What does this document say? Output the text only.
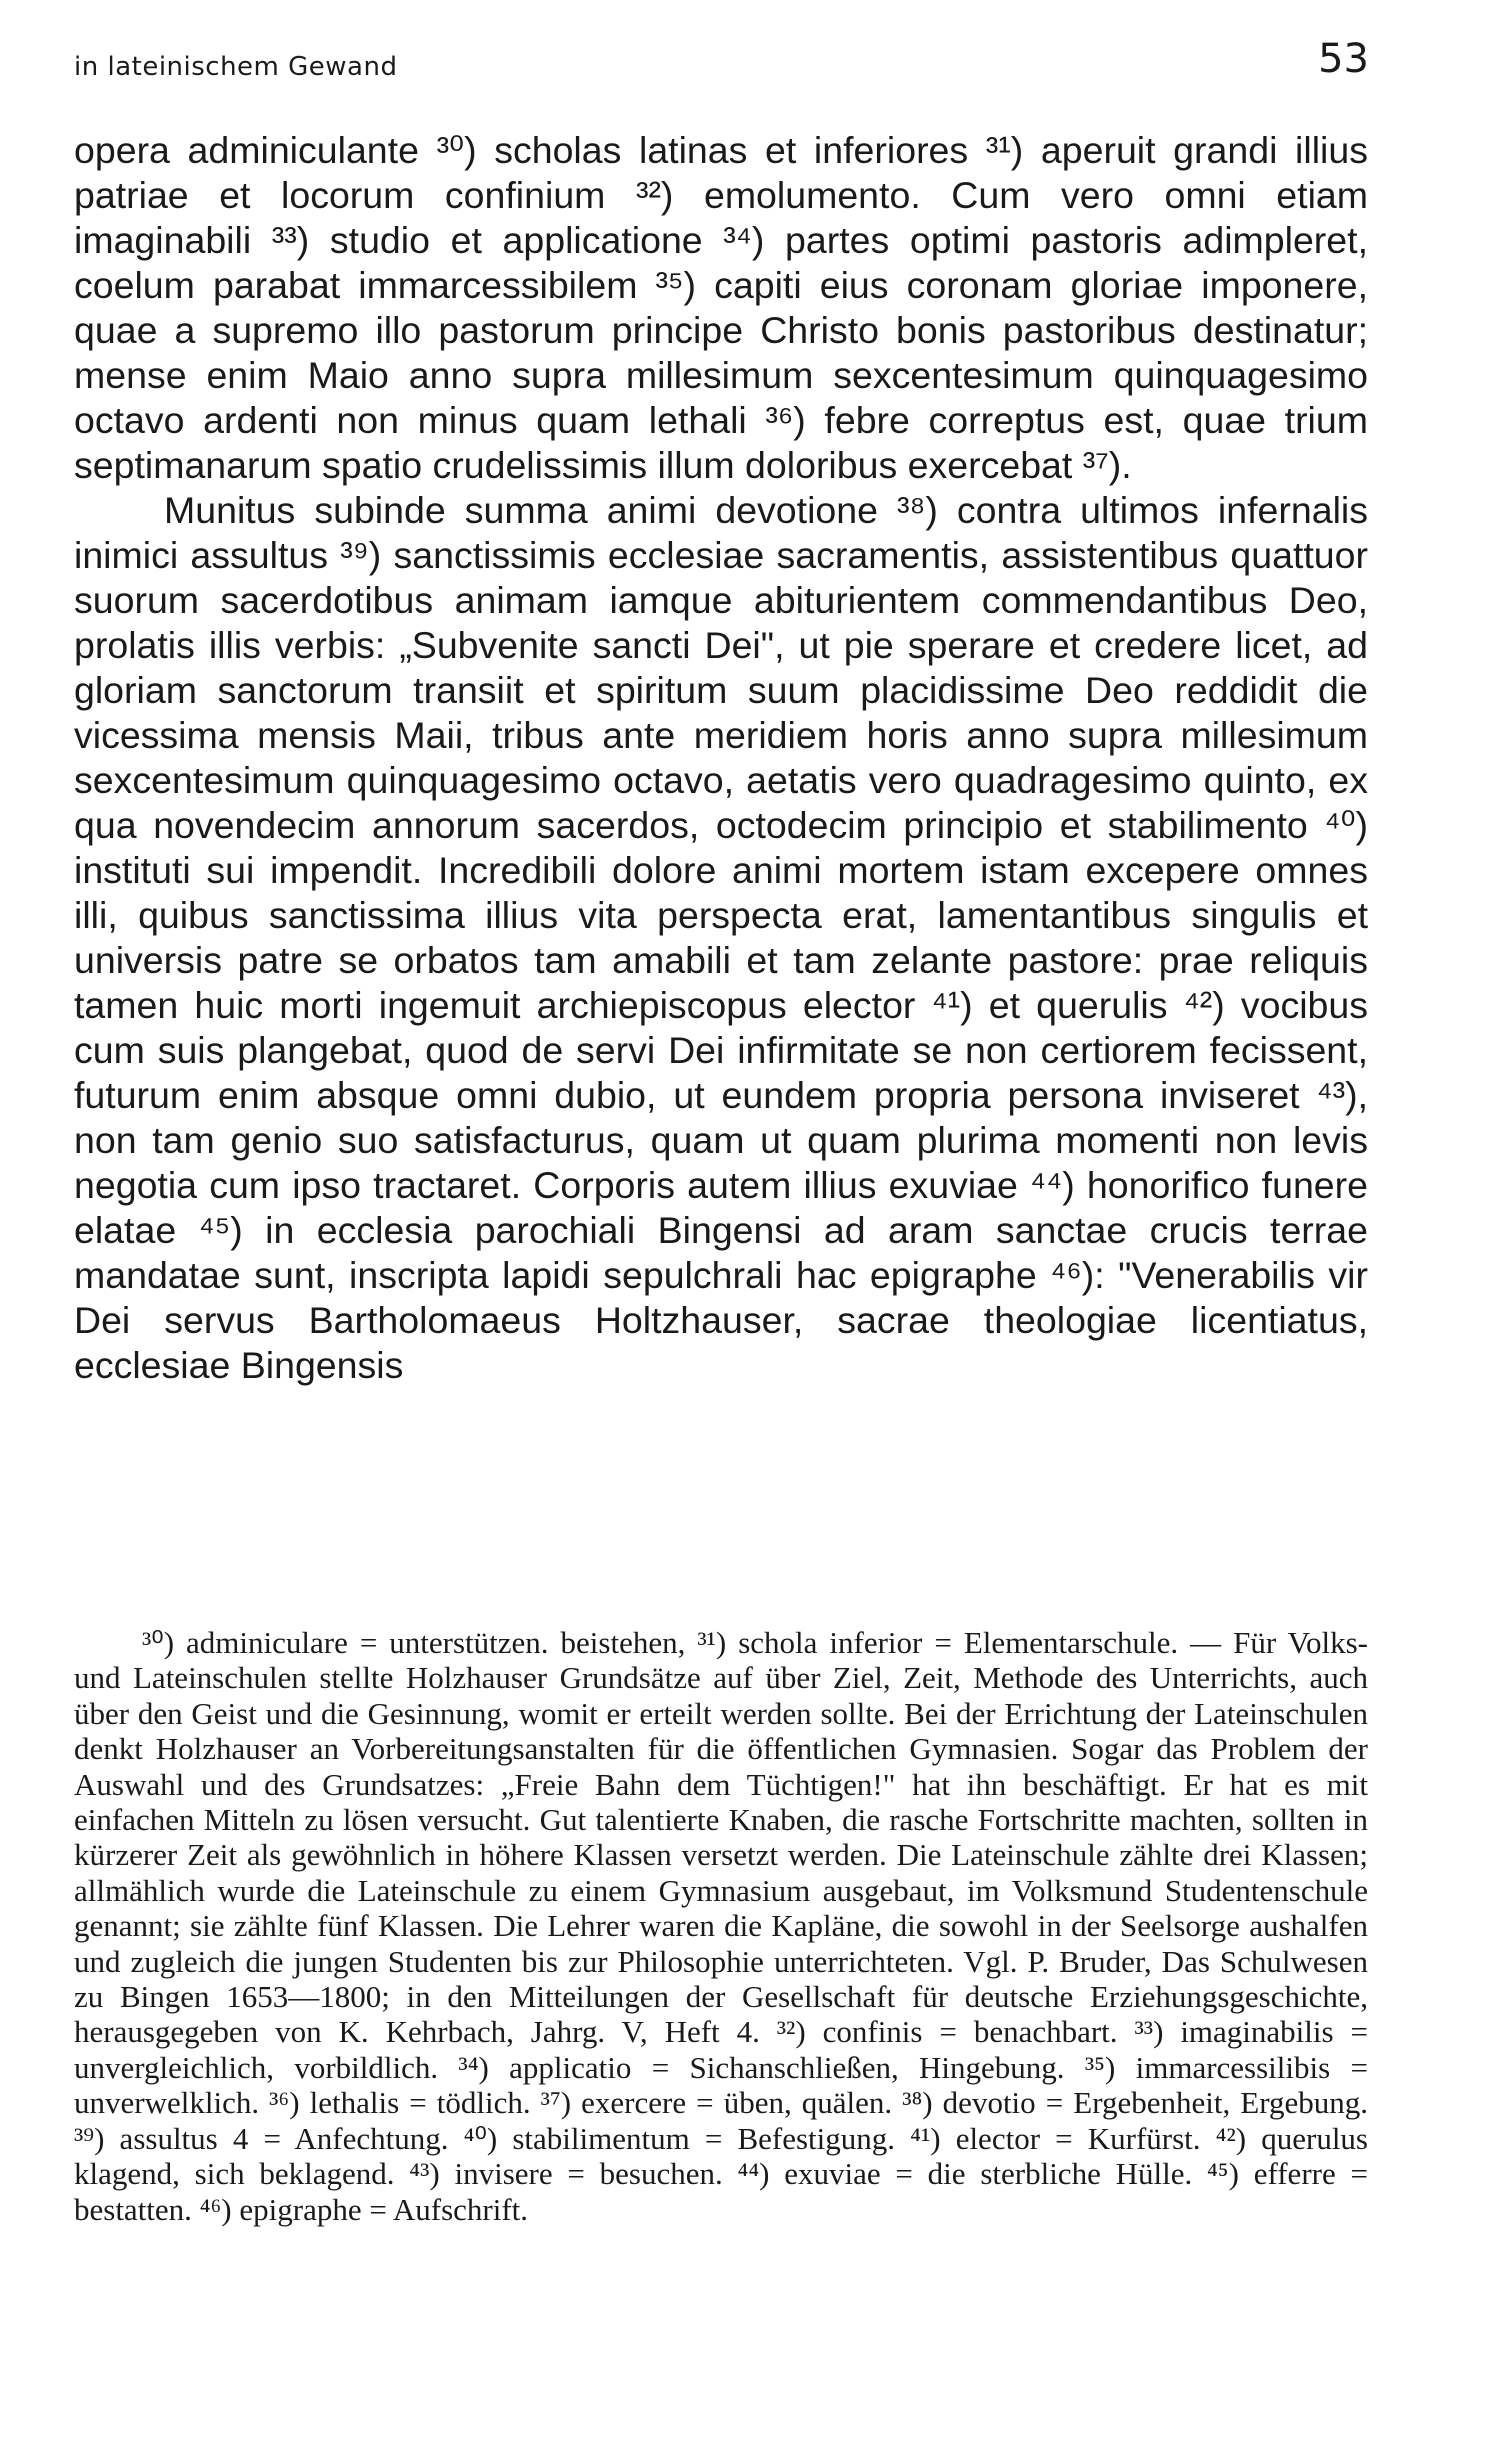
in lateinischem Gewand	53

opera adminiculante ³⁰) scholas latinas et inferiores ³¹) aperuit grandi illius patriae et locorum confinium ³²) emolumento. Cum vero omni etiam imaginabili ³³) studio et applicatione ³⁴) partes optimi pastoris adimpleret, coelum parabat immarcessibilem ³⁵) capiti eius coronam gloriae imponere, quae a supremo illo pastorum principe Christo bonis pastoribus destinatur; mense enim Maio anno supra millesimum sexcentesimum quinquagesimo octavo ardenti non minus quam lethali ³⁶) febre correptus est, quae trium septimanarum spatio crudelissimis illum doloribus exercebat ³⁷).

Munitus subinde summa animi devotione ³⁸) contra ultimos infernalis inimici assultus ³⁹) sanctissimis ecclesiae sacramentis, assistentibus quattuor suorum sacerdotibus animam iamque abiturientem commendantibus Deo, prolatis illis verbis: „Subvenite sancti Dei", ut pie sperare et credere licet, ad gloriam sanctorum transiit et spiritum suum placidissime Deo reddidit die vicessima mensis Maii, tribus ante meridiem horis anno supra millesimum sexcentesimum quinquagesimo octavo, aetatis vero quadragesimo quinto, ex qua novendecim annorum sacerdos, octodecim principio et stabilimento ⁴⁰) instituti sui impendit. Incredibili dolore animi mortem istam excepere omnes illi, quibus sanctissima illius vita perspecta erat, lamentantibus singulis et universis patre se orbatos tam amabili et tam zelante pastore: prae reliquis tamen huic morti ingemuit archiepiscopus elector ⁴¹) et querulis ⁴²) vocibus cum suis plangebat, quod de servi Dei infirmitate se non certiorem fecissent, futurum enim absque omni dubio, ut eundem propria persona inviseret ⁴³), non tam genio suo satisfacturus, quam ut quam plurima momenti non levis negotia cum ipso tractaret. Corporis autem illius exuviae ⁴⁴) honorifico funere elatae ⁴⁵) in ecclesia parochiali Bingensi ad aram sanctae crucis terrae mandatae sunt, inscripta lapidi sepulchrali hac epigraphe ⁴⁶): "Venerabilis vir Dei servus Bartholomaeus Holtzhauser, sacrae theologiae licentiatus, ecclesiae Bingensis

³⁰) adminiculare = unterstützen. beistehen, ³¹) schola inferior = Elementarschule. — Für Volks- und Lateinschulen stellte Holzhauser Grundsätze auf über Ziel, Zeit, Methode des Unterrichts, auch über den Geist und die Gesinnung, womit er erteilt werden sollte. Bei der Errichtung der Lateinschulen denkt Holzhauser an Vorbereitungsanstalten für die öffentlichen Gymnasien. Sogar das Problem der Auswahl und des Grundsatzes: „Freie Bahn dem Tüchtigen!" hat ihn beschäftigt. Er hat es mit einfachen Mitteln zu lösen versucht. Gut talentierte Knaben, die rasche Fortschritte machten, sollten in kürzerer Zeit als gewöhnlich in höhere Klassen versetzt werden. Die Lateinschule zählte drei Klassen; allmählich wurde die Lateinschule zu einem Gymnasium ausgebaut, im Volksmund Studentenschule genannt; sie zählte fünf Klassen. Die Lehrer waren die Kapläne, die sowohl in der Seelsorge aushalfen und zugleich die jungen Studenten bis zur Philosophie unterrichteten. Vgl. P. Bruder, Das Schulwesen zu Bingen 1653—1800; in den Mitteilungen der Gesellschaft für deutsche Erziehungsgeschichte, herausgegeben von K. Kehrbach, Jahrg. V, Heft 4. ³²) confinis = benachbart. ³³) imaginabilis = unvergleichlich, vorbildlich. ³⁴) applicatio = Sichanschließen, Hingebung. ³⁵) immarcessilibis = unverwelklich. ³⁶) lethalis = tödlich. ³⁷) exercere = üben, quälen. ³⁸) devotio = Ergebenheit, Ergebung. ³⁹) assultus 4 = Anfechtung. ⁴⁰) stabilimentum = Befestigung. ⁴¹) elector = Kurfürst. ⁴²) querulus klagend, sich beklagend. ⁴³) invisere = besuchen. ⁴⁴) exuviae = die sterbliche Hülle. ⁴⁵) efferre = bestatten. ⁴⁶) epigraphe = Aufschrift.
